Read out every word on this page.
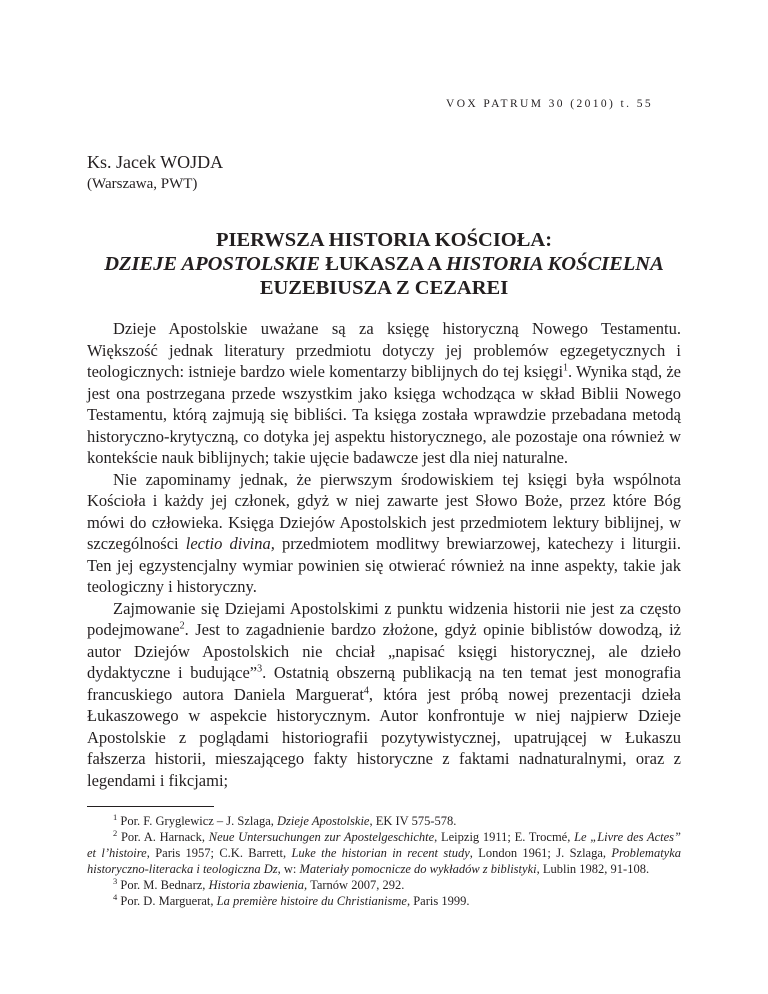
VOX PATRUM 30 (2010) t. 55
Ks. Jacek WOJDA
(Warszawa, PWT)
PIERWSZA HISTORIA KOŚCIOŁA:
DZIEJE APOSTOLSKIE ŁUKASZA A HISTORIA KOŚCIELNA
EUZEBIUSZA Z CEZAREI

Dzieje Apostolskie uważane są za księgę historyczną Nowego Testamentu. Większość jednak literatury przedmiotu dotyczy jej problemów egzegetycznych i teologicznych: istnieje bardzo wiele komentarzy biblijnych do tej księgi$^1$. Wynika stąd, że jest ona postrzegana przede wszystkim jako księga wchodząca w skład Biblii Nowego Testamentu, którą zajmują się bibliści. Ta księga została wprawdzie przebadana metodą historyczno-krytyczną, co dotyka jej aspektu historycznego, ale pozostaje ona również w kontekście nauk biblijnych; takie ujęcie badawcze jest dla niej naturalne.

Nie zapominamy jednak, że pierwszym środowiskiem tej księgi była wspólnota Kościoła i każdy jej członek, gdyż w niej zawarte jest Słowo Boże, przez które Bóg mówi do człowieka. Księga Dziejów Apostolskich jest przedmiotem lektury biblijnej, w szczególności lectio divina, przedmiotem modlitwy brewiarzowej, katechezy i liturgii. Ten jej egzystencjalny wymiar powinien się otwierać również na inne aspekty, takie jak teologiczny i historyczny.

Zajmowanie się Dziejami Apostolskimi z punktu widzenia historii nie jest za często podejmowane$^2$. Jest to zagadnienie bardzo złożone, gdyż opinie biblistów dowodzą, iż autor Dziejów Apostolskich nie chciał „napisać księgi historycznej, ale dzieło dydaktyczne i budujące”$^3$. Ostatnią obszerną publikacją na ten temat jest monografia francuskiego autora Daniela Marguerat$^4$, która jest próbą nowej prezentacji dzieła Łukaszowego w aspekcie historycznym. Autor konfrontuje w niej najpierw Dzieje Apostolskie z poglądami historiografii pozytywistycznej, upatrującej w Łukaszu fałszerza historii, mieszającego fakty historyczne z faktami nadnaturalnymi, oraz z legendami i fikcjami;

$^1$ Por. F. Gryglewicz – J. Szlaga, Dzieje Apostolskie, EK IV 575-578.

$^2$ Por. A. Harnack, Neue Untersuchungen zur Apostelgeschichte, Leipzig 1911; E. Trocmé, Le „Livre des Actes” et l’histoire, Paris 1957; C.K. Barrett, Luke the historian in recent study, London 1961; J. Szlaga, Problematyka historyczno-literacka i teologiczna Dz, w: Materiały pomocnicze do wykładów z biblistyki, Lublin 1982, 91-108.

$^3$ Por. M. Bednarz, Historia zbawienia, Tarnów 2007, 292.

$^4$ Por. D. Marguerat, La première histoire du Christianisme, Paris 1999.
